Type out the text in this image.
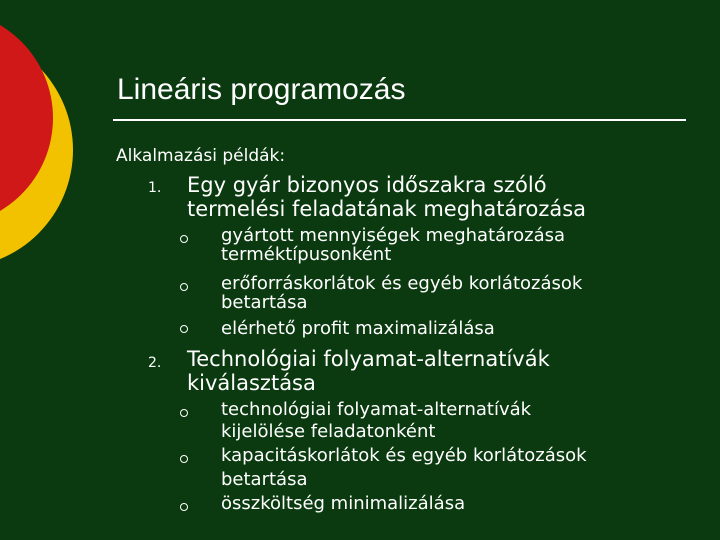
Lineáris programozás
Alkalmazási példák:
1. Egy gyár bizonyos időszakra szóló
termelési feladatának meghatározása
gyártott mennyiségek meghatározása
terméktípusonként
erőforráskorlátok és egyéb korlátozások
betartása
elérhető profit maximalizálása
2. Technológiai folyamat-alternatívák
kiválasztása
technológiai folyamat-alternatívák
kijelölése feladatonként
kapacitáskorlátok és egyéb korlátozások
betartása
összköltség minimalizálása
